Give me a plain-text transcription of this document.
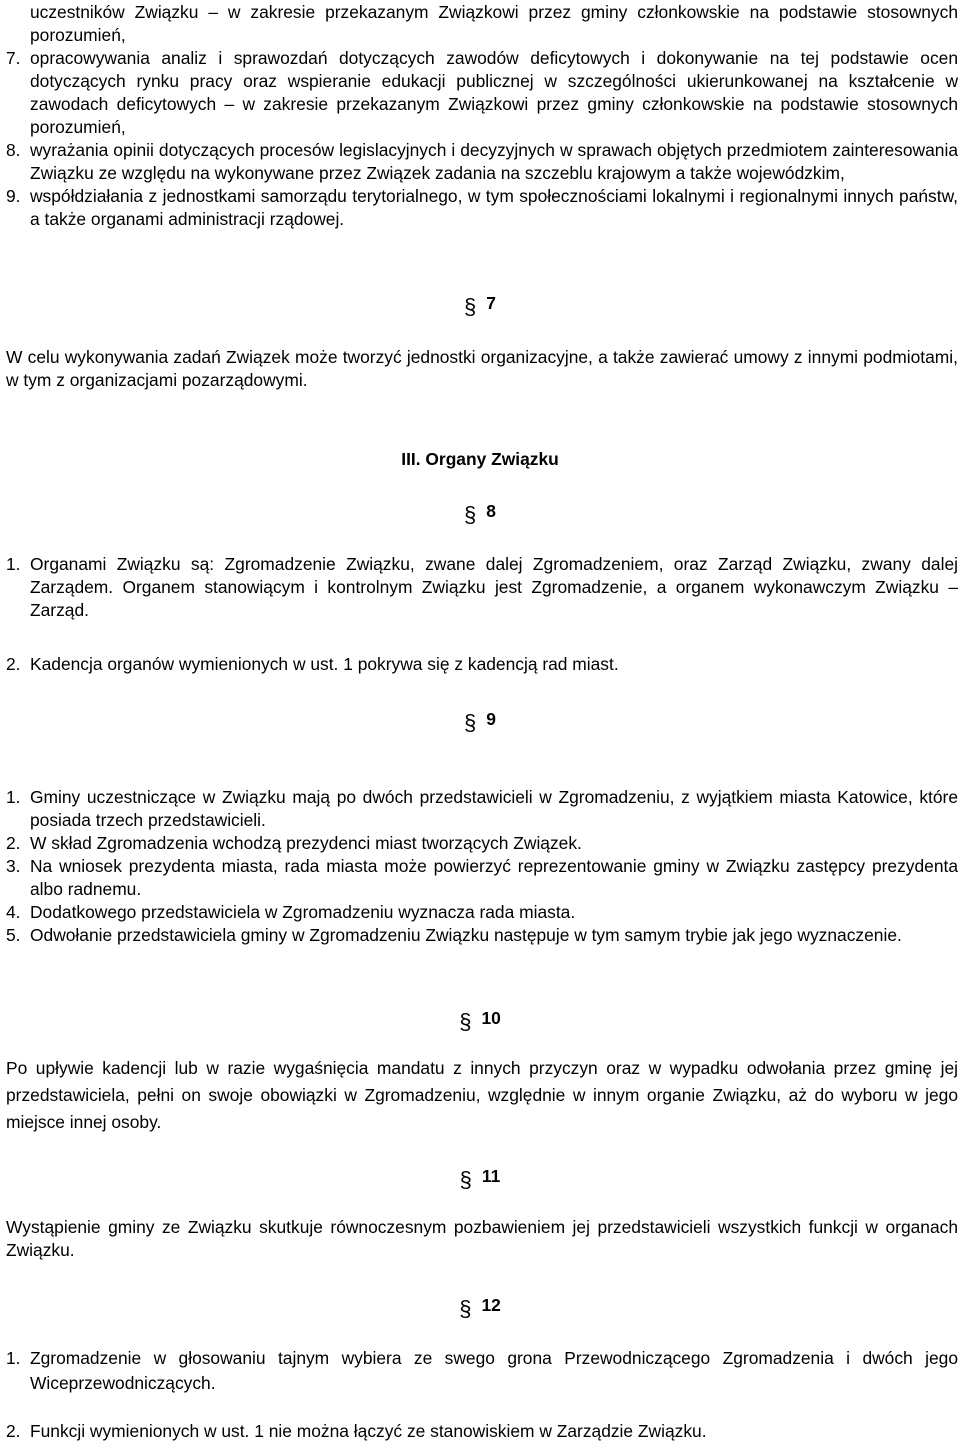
uczestników Związku – w zakresie przekazanym Związkowi przez gminy członkowskie na podstawie stosownych porozumień,
7. opracowywania analiz i sprawozdań dotyczących zawodów deficytowych i dokonywanie na tej podstawie ocen dotyczących rynku pracy oraz wspieranie edukacji publicznej w szczególności ukierunkowanej na kształcenie w zawodach deficytowych – w zakresie przekazanym Związkowi przez gminy członkowskie na podstawie stosownych porozumień,
8. wyrażania opinii dotyczących procesów legislacyjnych i decyzyjnych w sprawach objętych przedmiotem zainteresowania Związku ze względu na wykonywane przez Związek zadania na szczeblu krajowym a także wojewódzkim,
9. współdziałania z jednostkami samorządu terytorialnego, w tym społecznościami lokalnymi i regionalnymi innych państw, a także organami administracji rządowej.

§ 7

W celu wykonywania zadań Związek może tworzyć jednostki organizacyjne, a także zawierać umowy z innymi podmiotami, w tym z organizacjami pozarządowymi.

III. Organy Związku

§ 8

1. Organami Związku są: Zgromadzenie Związku, zwane dalej Zgromadzeniem, oraz Zarząd Związku, zwany dalej Zarządem. Organem stanowiącym i kontrolnym Związku jest Zgromadzenie, a organem wykonawczym Związku – Zarząd.
2. Kadencja organów wymienionych w ust. 1 pokrywa się z kadencją rad miast.

§ 9

1. Gminy uczestniczące w Związku mają po dwóch przedstawicieli w Zgromadzeniu, z wyjątkiem miasta Katowice, które posiada trzech przedstawicieli.
2. W skład Zgromadzenia wchodzą prezydenci miast tworzących Związek.
3. Na wniosek prezydenta miasta, rada miasta może powierzyć reprezentowanie gminy w Związku zastępcy prezydenta albo radnemu.
4. Dodatkowego przedstawiciela w Zgromadzeniu wyznacza rada miasta.
5. Odwołanie przedstawiciela gminy w Zgromadzeniu Związku następuje w tym samym trybie jak jego wyznaczenie.

§ 10

Po upływie kadencji lub w razie wygaśnięcia mandatu z innych przyczyn oraz w wypadku odwołania przez gminę jej przedstawiciela, pełni on swoje obowiązki w Zgromadzeniu, względnie w innym organie Związku, aż do wyboru w jego miejsce innej osoby.

§ 11

Wystąpienie gminy ze Związku skutkuje równoczesnym pozbawieniem jej przedstawicieli wszystkich funkcji w organach Związku.

§ 12

1. Zgromadzenie w głosowaniu tajnym wybiera ze swego grona Przewodniczącego Zgromadzenia i dwóch jego Wiceprzewodniczących.
2. Funkcji wymienionych w ust. 1 nie można łączyć ze stanowiskiem w Zarządzie Związku.
